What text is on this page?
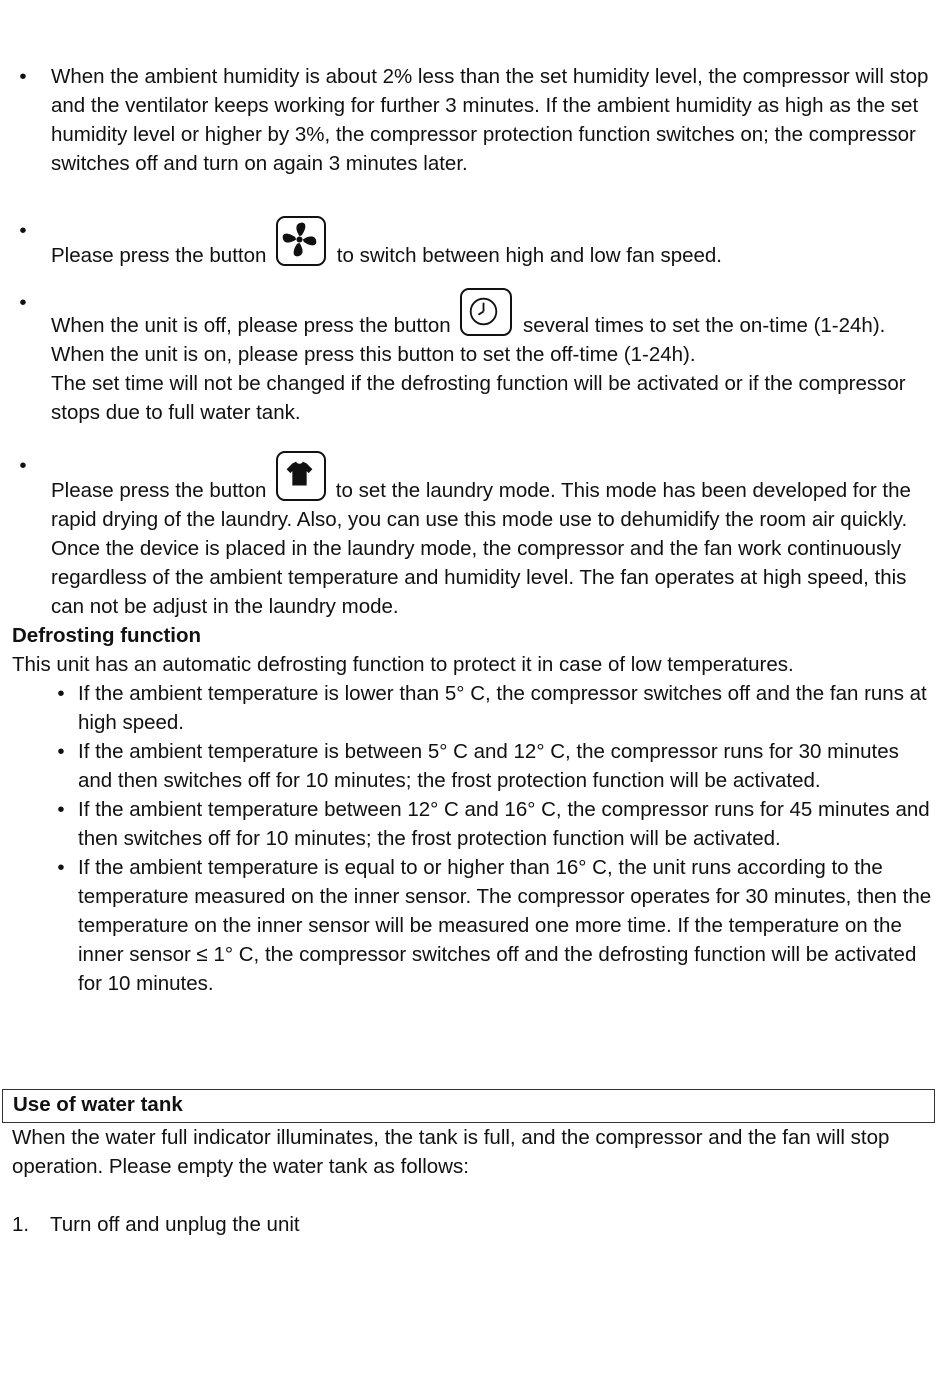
• When the ambient humidity is about 2% less than the set humidity level, the compressor will stop and the ventilator keeps working for further 3 minutes. If the ambient humidity as high as the set humidity level or higher by 3%, the compressor protection function switches on; the compressor switches off and turn on again 3 minutes later.
•
Please press the button	to switch between high and low fan speed.
•
When the unit is off, please press the button	several times to set the on-time (1-24h).
When the unit is on, please press this button to set the off-time (1-24h).
The set time will not be changed if the defrosting function will be activated or if the compressor stops due to full water tank.
•
Please press the button	to set the laundry mode. This mode has been developed for the rapid drying of the laundry. Also, you can use this mode use to dehumidify the room air quickly.
Once the device is placed in the laundry mode, the compressor and the fan work continuously regardless of the ambient temperature and humidity level. The fan operates at high speed, this can not be adjust in the laundry mode.
Defrosting function
This unit has an automatic defrosting function to protect it in case of low temperatures.
• If the ambient temperature is lower than 5° C, the compressor switches off and the fan runs at high speed.
• If the ambient temperature is between 5° C and 12° C, the compressor runs for 30 minutes and then switches off for 10 minutes; the frost protection function will be activated.
• If the ambient temperature between 12° C and 16° C, the compressor runs for 45 minutes and then switches off for 10 minutes; the frost protection function will be activated.
• If the ambient temperature is equal to or higher than 16° C, the unit runs according to the temperature measured on the inner sensor. The compressor operates for 30 minutes, then the temperature on the inner sensor will be measured one more time. If the temperature on the inner sensor ≤ 1° C, the compressor switches off and the defrosting function will be activated for 10 minutes.
Use of water tank
When the water full indicator illuminates, the tank is full, and the compressor and the fan will stop operation. Please empty the water tank as follows:
1. Turn off and unplug the unit
